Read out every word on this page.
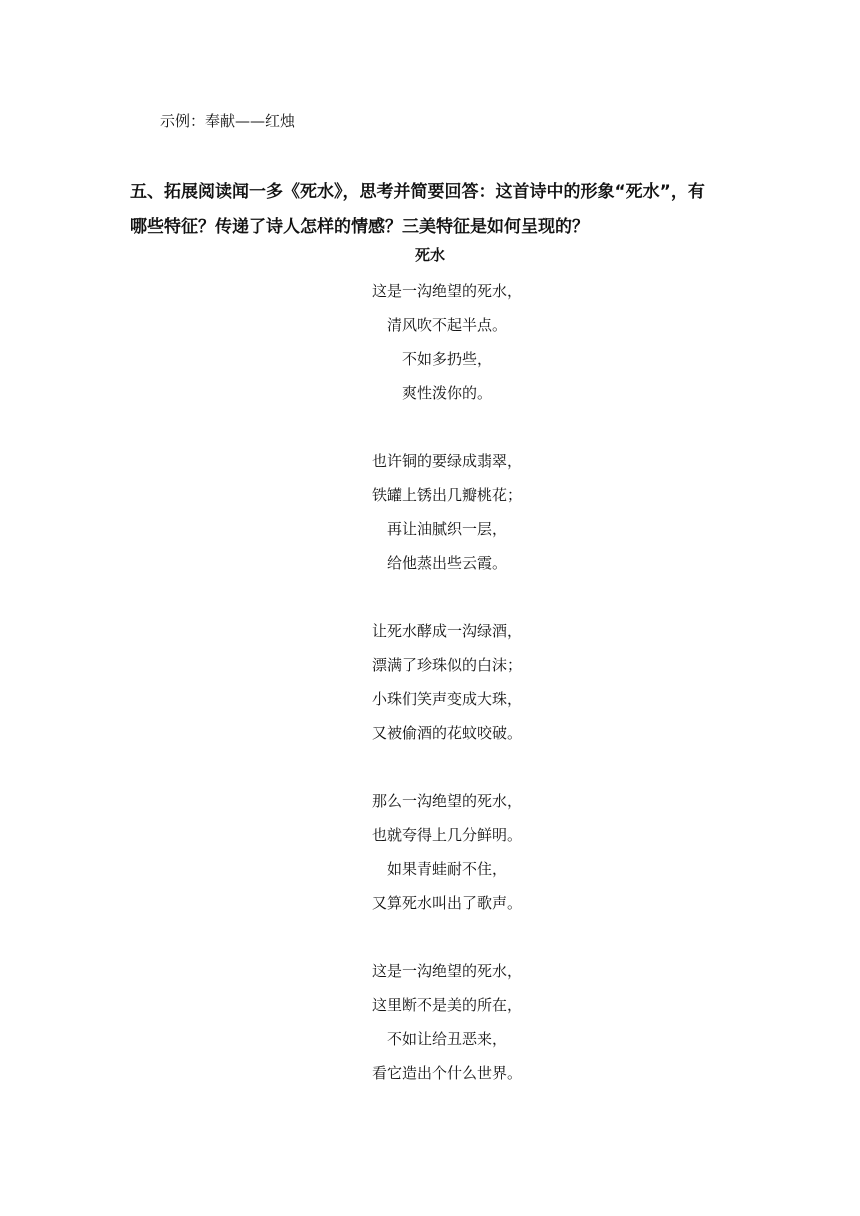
示例：奉献——红烛
五、拓展阅读闻一多《死水》，思考并简要回答：这首诗中的形象“死水”，有
哪些特征？传递了诗人怎样的情感？三美特征是如何呈现的？
死水
这是一沟绝望的死水，
清风吹不起半点。
不如多扔些，
爽性泼你的。
也许铜的要绿成翡翠，
铁罐上锈出几瓣桃花；
再让油腻织一层，
给他蒸出些云霞。
让死水酵成一沟绿酒，
漂满了珍珠似的白沫；
小珠们笑声变成大珠，
又被偷酒的花蚊咬破。
那么一沟绝望的死水，
也就夸得上几分鲜明。
如果青蛙耐不住，
又算死水叫出了歌声。
这是一沟绝望的死水，
这里断不是美的所在，
不如让给丑恶来，
看它造出个什么世界。
